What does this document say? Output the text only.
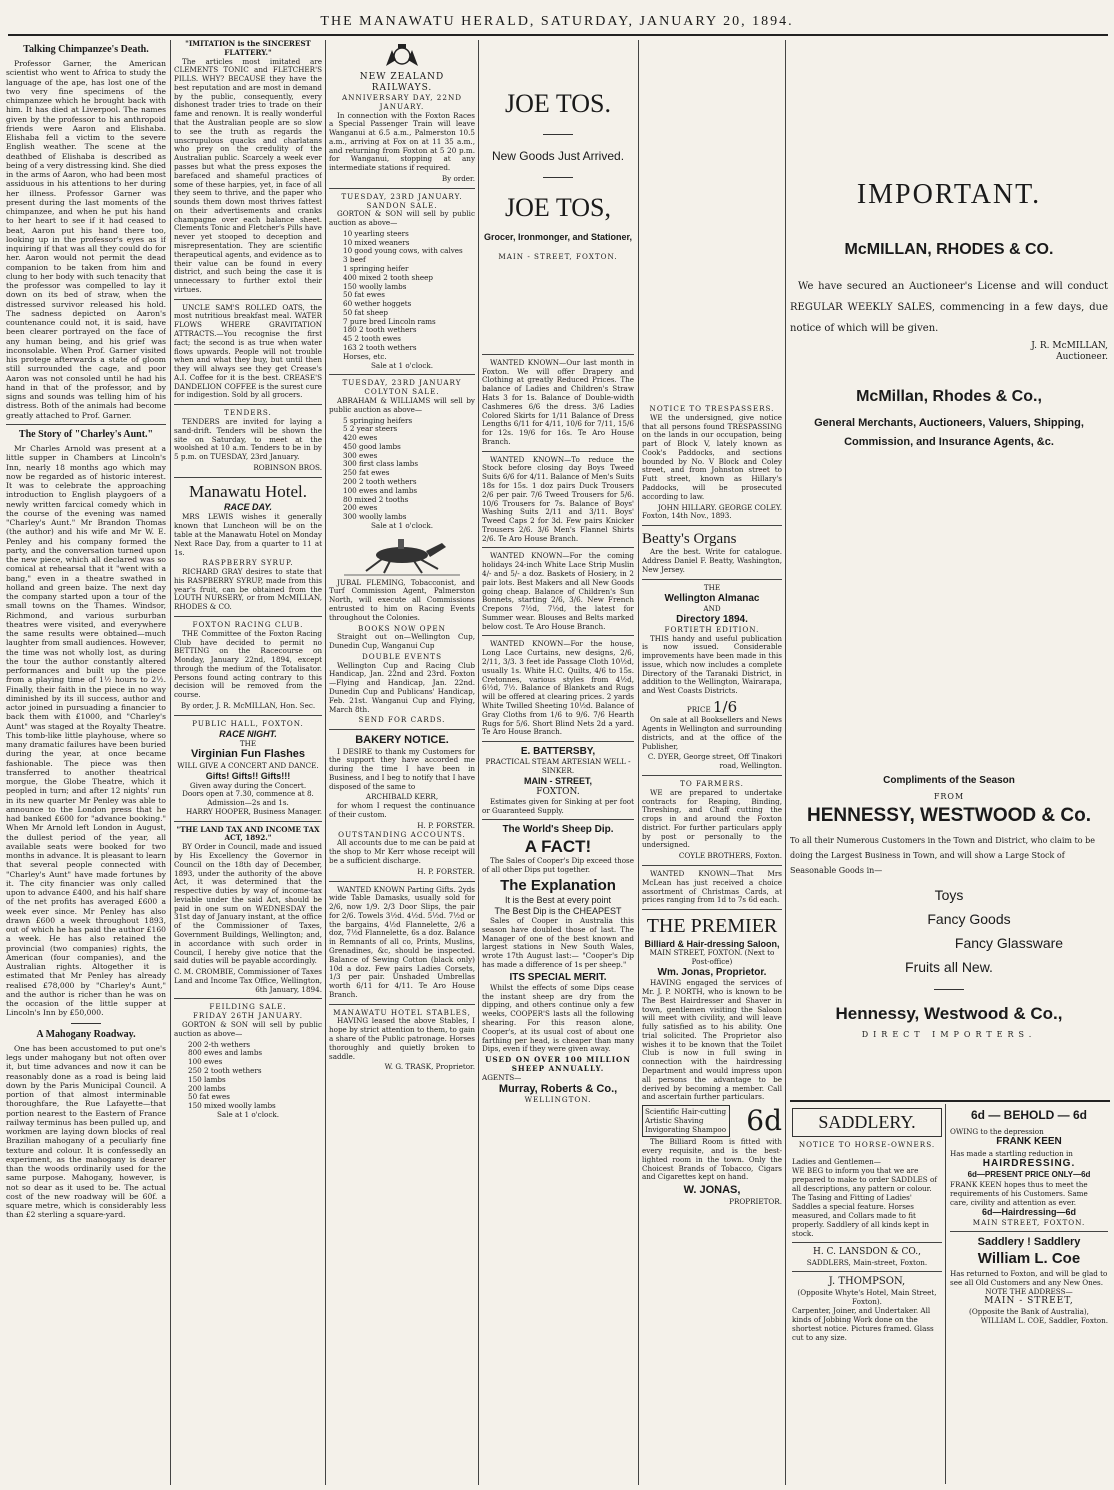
THE MANAWATU HERALD, SATURDAY, JANUARY 20, 1894.
Talking Chimpanzee's Death.

Professor Garner, the American scientist who went to Africa to study the language of the ape, has lost one of the two very fine specimens of the chimpanzee which he brought back with him. It has died at Liverpool. The names given by the professor to his anthropoid friends were Aaron and Elishaba. Elishaba fell a victim to the severe English weather. The scene at the deathbed of Elishaba is described as being of a very distressing kind. She died in the arms of Aaron, who had been most assiduous in his attentions to her during her illness. Professor Garner was present during the last moments of the chimpanzee, and when he put his hand to her heart to see if it had ceased to beat, Aaron put his hand there too, looking up in the professor's eyes as if inquiring if that was all they could do for her. Aaron would not permit the dead companion to be taken from him and clung to her body with such tenacity that the professor was compelled to lay it down on its bed of straw, when the distressed survivor released his hold. The sadness depicted on Aaron's countenance could not, it is said, have been clearer portrayed on the face of any human being, and his grief was inconsolable. When Prof. Garner visited his protege afterwards a state of gloom still surrounded the cage, and poor Aaron was not consoled until he had his hand in that of the professor, and by signs and sounds was telling him of his distress. Both of the animals had become greatly attached to Prof. Garner.

The Story of "Charley's Aunt."

Mr Charles Arnold was present at a little supper in Chambers at Lincoln's Inn, nearly 18 months ago which may now be regarded as of historic interest. It was to celebrate the approaching introduction to English playgoers of a newly written farcical comedy which in the course of the evening was named "Charley's Aunt." Mr Brandon Thomas (the author) and his wife and Mr W. E. Penley and his company formed the party, and the conversation turned upon the new piece, which all declared was so comical at rehearsal that it "went with a bang," even in a theatre swathed in holland and green baize. The next day the company started upon a tour of the small towns on the Thames. Windsor, Richmond, and various surburban theatres were visited, and everywhere the same results were obtained—much laughter from small audiences. However, the time was not wholly lost, as during the tour the author constantly altered performances and built up the piece from a playing time of 1½ hours to 2½. Finally, their faith in the piece in no way diminished by its ill success, author and actor joined in pursuading a financier to back them with £1000, and "Charley's Aunt" was staged at the Royalty Theatre. This tomb-like little playhouse, where so many dramatic failures have been buried during the year, at once became fashionable. The piece was then transferred to another theatrical morgue, the Globe Theatre, which it peopled in turn; and after 12 nights' run in its new quarter Mr Penley was able to announce to the London press that he had banked £600 for "advance booking." When Mr Arnold left London in August, the dullest period of the year, all available seats were booked for two months in advance. It is pleasant to learn that several people connected with "Charley's Aunt" have made fortunes by it. The city financier was only called upon to advance £400, and his half share of the net profits has averaged £600 a week ever since. Mr Penley has also drawn £600 a week throughout 1893, out of which he has paid the author £160 a week. He has also retained the provincial (two companies) rights, the American (four companies), and the Australian rights. Altogether it is estimated that Mr Penley has already realised £78,000 by "Charley's Aunt," and the author is richer than he was on the occasion of the little supper at Lincoln's Inn by £50,000.

A Mahogany Roadway.

One has been accustomed to put one's legs under mahogany but not often over it, but time advances and now it can be reasonably done as a road is being laid down by the Paris Municipal Council. A portion of that almost interminable thoroughfare, the Rue Lafayette—that portion nearest to the Eastern of France railway terminus has been pulled up, and workmen are laying down blocks of real Brazilian mahogany of a peculiarly fine texture and colour. It is confessedly an experiment, as the mahogany is dearer than the woods ordinarily used for the same purpose. Mahogany, however, is not so dear as it used to be. The actual cost of the new roadway will be 60f. a square metre, which is considerably less than £2 sterling a square-yard.

"IMITATION is the SINCEREST FLATTERY."

The articles most imitated are CLEMENTS TONIC and FLETCHER'S PILLS. WHY? BECAUSE they have the best reputation and are most in demand by the public, consequently, every dishonest trader tries to trade on their fame and renown. It is really wonderful that the Australian people are so slow to see the truth as regards the unscrupulous quacks and charlatans who prey on the credulity of the Australian public. Scarcely a week ever passes but what the press exposes the barefaced and shameful practices of some of these harpies, yet, in face of all they seem to thrive, and the paper who sounds them down most thrives fattest on their advertisements and cranks champagne over each balance sheet. Clements Tonic and Fletcher's Pills have never yet stooped to deception and misrepresentation. They are scientific therapeutical agents, and evidence as to their value can be found in every district, and such being the case it is unnecessary to further extol their virtues.

UNCLE SAM'S ROLLED OATS, the most nutritious breakfast meal. WATER FLOWS WHERE GRAVITATION ATTRACTS.—You recognise the first fact; the second is as true when water flows upwards. People will not trouble when and what they buy, but until then they will always see they get Crease's A.I. Coffee for it is the best. CREASE'S DANDELION COFFEE is the surest cure for indigestion. Sold by all grocers.

TENDERS.

TENDERS are invited for laying a sand-drift. Tenders will be shown the site on Saturday, to meet at the woolshed at 10 a.m. Tenders to be in by 5 p.m. on TUESDAY, 23rd January.

ROBINSON BROS.
Manawatu Hotel.
RACE DAY.

MRS LEWIS wishes it generally known that Luncheon will be on the table at the Manawatu Hotel on Monday Next Race Day, from a quarter to 11 at 1s.

RASPBERRY SYRUP.

RICHARD GRAY desires to state that his RASPBERRY SYRUP, made from this year's fruit, can be obtained from the LOUTH NURSERY, or from McMILLAN, RHODES & CO.

FOXTON RACING CLUB.

THE Committee of the Foxton Racing Club have decided to permit no BETTING on the Racecourse on Monday, January 22nd, 1894, except through the medium of the Totalisator. Persons found acting contrary to this decision will be removed from the course.

By order, J. R. McMILLAN, Hon. Sec.
PUBLIC HALL, FOXTON.
RACE NIGHT.
THE
Virginian Fun Flashes
WILL GIVE A CONCERT AND DANCE.
Gifts! Gifts!! Gifts!!!
Given away during the Concert.
Doors open at 7.30, commence at 8.
Admission—2s and 1s.
HARRY HOOPER, Business Manager.
"THE LAND TAX AND INCOME TAX ACT, 1892."

BY Order in Council, made and issued by His Excellency the Governor in Council on the 18th day of December, 1893, under the authority of the above Act, it was determined that the respective duties by way of income-tax leviable under the said Act, should be paid in one sum on WEDNESDAY the 31st day of January instant, at the office of the Commissioner of Taxes, Government Buildings, Wellington; and, in accordance with such order in Council, I hereby give notice that the said duties will be payable accordingly.

C. M. CROMBIE, Commissioner of Taxes Land and Income Tax Office, Wellington, 6th January, 1894.
FEILDING SALE.
FRIDAY 26TH JANUARY.

GORTON & SON will sell by public auction as above—

200 2-th wethers
800 ewes and lambs
100 ewes
250 2 tooth wethers
150 lambs
200 lambs
50 fat ewes
150 mixed woolly lambs
Sale at 1 o'clock.
NEW ZEALAND RAILWAYS.
ANNIVERSARY DAY, 22ND JANUARY.

In connection with the Foxton Races a Special Passenger Train will leave Wanganui at 6.5 a.m., Palmerston 10.5 a.m., arriving at Fox on at 11 35 a.m., and returning from Foxton at 5 20 p.m. for Wanganui, stopping at any intermediate stations if required.

By order.
TUESDAY, 23RD JANUARY.
SANDON SALE.

GORTON & SON will sell by public auction as above—

10 yearling steers
10 mixed weaners
10 good young cows, with calves
3 beef
1 springing heifer
400 mixed 2 tooth sheep
150 woolly lambs
50 fat ewes
60 wether hoggets
50 fat sheep
7 pure bred Lincoln rams
180 2 tooth wethers
45 2 tooth ewes
163 2 tooth wethers
Horses, etc.
Sale at 1 o'clock.
TUESDAY, 23RD JANUARY
COLYTON SALE.

ABRAHAM & WILLIAMS will sell by public auction as above—

5 springing heifers
5 2 year steers
420 ewes
450 good lambs
300 ewes
300 first class lambs
250 fat ewes
200 2 tooth wethers
100 ewes and lambs
80 mixed 2 tooths
200 ewes
300 woolly lambs
Sale at 1 o'clock.

JUBAL FLEMING, Tobacconist, and Turf Commission Agent, Palmerston North, will execute all Commissions entrusted to him on Racing Events throughout the Colonies.

BOOKS NOW OPEN

Straight out on—Wellington Cup, Dunedin Cup, Wanganui Cup

DOUBLE EVENTS

Wellington Cup and Racing Club Handicap, Jan. 22nd and 23rd. Foxton—Flying and Handicap, Jan. 22nd. Dunedin Cup and Publicans' Handicap, Feb. 21st. Wanganui Cup and Flying, March 8th.

SEND FOR CARDS.
BAKERY NOTICE.

I DESIRE to thank my Customers for the support they have accorded me during the time I have been in Business, and I beg to notify that I have disposed of the same to

ARCHIBALD KERR,

for whom I request the continuance of their custom.

H. P. FORSTER.
OUTSTANDING ACCOUNTS.

All accounts due to me can be paid at the shop to Mr Kerr whose receipt will be a sufficient discharge.

H. P. FORSTER.

WANTED KNOWN Parting Gifts. 2yds wide Table Damasks, usually sold for 2/6, now 1/9. 2/3 Door Slips, the pair for 2/6. Towels 3½d. 4½d. 5½d. 7½d or the bargains, 4½d Flannelette, 2/6 a doz, 7½d Flannelette, 6s a doz. Balance in Remnants of all co, Prints, Muslins, Grenadines, &c, should be inspected. Balance of Sewing Cotton (black only) 10d a doz. Few pairs Ladies Corsets, 1/3 per pair. Unshaded Umbrellas worth 6/11 for 4/11. Te Aro House Branch.

MANAWATU HOTEL STABLES,

HAVING leased the above Stables, I hope by strict attention to them, to gain a share of the Public patronage. Horses thoroughly and quietly broken to saddle.

W. G. TRASK, Proprietor.
JOE TOS.
New Goods Just Arrived.
JOE TOS,
Grocer, Ironmonger, and Stationer,
MAIN - STREET, FOXTON.

WANTED KNOWN—Our last month in Foxton. We will offer Drapery and Clothing at greatly Reduced Prices. The balance of Ladies and Children's Straw Hats 3 for 1s. Balance of Double-width Cashmeres 6/6 the dress. 3/6 Ladies Colored Skirts for 1/11 Balance of Dress Lengths 6/11 for 4/11, 10/6 for 7/11, 15/6 for 12s. 19/6 for 16s. Te Aro House Branch.

WANTED KNOWN—To reduce the Stock before closing day Boys Tweed Suits 6/6 for 4/11. Balance of Men's Suits 18s for 15s. 1 doz pairs Duck Trousers 2/6 per pair. 7/6 Tweed Trousers for 5/6. 10/6 Trousers for 7s. Balance of Boys' Washing Suits 2/11 and 3/11. Boys' Tweed Caps 2 for 3d. Few pairs Knicker Trousers 2/6. 3/6 Men's Flannel Shirts 2/6. Te Aro House Branch.

WANTED KNOWN—For the coming holidays 24-inch White Lace Strip Muslin 4/- and 5/- a doz. Baskets of Hosiery, in 2 pair lots. Best Makers and all New Goods going cheap. Balance of Children's Sun Bonnets, starting 2/6, 3/6. New French Crepons 7½d, 7½d, the latest for Summer wear. Blouses and Belts marked below cost. Te Aro House Branch.

WANTED KNOWN—For the house, Long Lace Curtains, new designs, 2/6, 2/11, 3/3. 3 feet ide Passage Cloth 10½d, usually 1s. White H.C. Quilts, 4/6 to 15s. Cretonnes, various styles from 4½d, 6½d, 7½. Balance of Blankets and Rugs will be offered at clearing prices. 2 yards White Twilled Sheeting 10½d. Balance of Gray Cloths from 1/6 to 9/6. 7/6 Hearth Rugs for 5/6. Short Blind Nets 2d a yard. Te Aro House Branch.

E. BATTERSBY,
PRACTICAL STEAM ARTESIAN WELL - SINKER.
MAIN - STREET,
FOXTON.

Estimates given for Sinking at per foot or Guaranteed Supply.

The World's Sheep Dip.
A FACT!

The Sales of Cooper's Dip exceed those of all other Dips put together.

The Explanation
It is the Best at every point
The Best Dip is the CHEAPEST

Sales of Cooper in Australia this season have doubled those of last. The Manager of one of the best known and largest stations in New South Wales, wrote 17th August last:— "Cooper's Dip has made a difference of 1s per sheep."

ITS SPECIAL MERIT.

Whilst the effects of some Dips cease the instant sheep are dry from the dipping, and others continue only a few weeks, COOPER'S lasts all the following shearing. For this reason alone, Cooper's, at its usual cost of about one farthing per head, is cheaper than many Dips, even if they were given away.

USED ON OVER 100 MILLION SHEEP ANNUALLY.
AGENTS—
Murray, Roberts & Co.,
WELLINGTON.
NOTICE TO TRESPASSERS.

WE the undersigned, give notice that all persons found TRESPASSING on the lands in our occupation, being part of Block V, lately known as Cook's Paddocks, and sections bounded by No. V Block and Coley street, and from Johnston street to Futt street, known as Hillary's Paddocks, will be prosecuted according to law.

JOHN HILLARY. GEORGE COLEY.
Foxton, 14th Nov., 1893.
Beatty's Organs

Are the best. Write for catalogue. Address Daniel F. Beatty, Washington, New Jersey.

THE
Wellington Almanac
AND
Directory 1894.
FORTIETH EDITION.

THIS handy and useful publication is now issued. Considerable improvements have been made in this issue, which now includes a complete Directory of the Taranaki District, in addition to the Wellington, Wairarapa, and West Coasts Districts.

PRICE 1/6

On sale at all Booksellers and News Agents in Wellington and surrounding districts, and at the office of the Publisher,

C. DYER, George street, Off Tinakori road, Wellington.
TO FARMERS.

WE are prepared to undertake contracts for Reaping, Binding, Threshing, and Chaff cutting the crops in and around the Foxton district. For further particulars apply by post or personally to the undersigned.

COYLE BROTHERS, Foxton.

WANTED KNOWN—That Mrs McLean has just received a choice assortment of Christmas Cards, at prices ranging from 1d to 7s 6d each.

THE PREMIER
Billiard & Hair-dressing Saloon,
MAIN STREET, FOXTON. (Next to Post-office)
Wm. Jonas, Proprietor.

HAVING engaged the services of Mr. J. P. NORTH, who is known to be The Best Hairdresser and Shaver in town, gentlemen visiting the Saloon will meet with civility, and will leave fully satisfied as to his ability. One trial solicited. The Proprietor also wishes it to be known that the Toilet Club is now in full swing in connection with the hairdressing Department and would impress upon all persons the advantage to be derived by becoming a member. Call and ascertain further particulars.

Scientific Hair-cutting Artistic Shaving Invigorating Shampoo 6d

The Billiard Room is fitted with every requisite, and is the best-lighted room in the town. Only the Choicest Brands of Tobacco, Cigars and Cigarettes kept on hand.

W. JONAS,
PROPRIETOR.
IMPORTANT.
McMILLAN, RHODES & CO.

We have secured an Auctioneer's License and will conduct REGULAR WEEKLY SALES, commencing in a few days, due notice of which will be given.

J. R. McMILLAN,
Auctioneer.
McMillan, Rhodes & Co.,
General Merchants, Auctioneers, Valuers, Shipping, Commission, and Insurance Agents, &c.
Compliments of the Season
FROM
HENNESSY, WESTWOOD & Co.

To all their Numerous Customers in the Town and District, who claim to be doing the Largest Business in Town, and will show a Large Stock of Seasonable Goods in—

Toys
Fancy Goods
Fancy Glassware
Fruits all New.
Hennessy, Westwood & Co.,
DIRECT IMPORTERS.
SADDLERY.
NOTICE TO HORSE-OWNERS.
Ladies and Gentlemen—

WE BEG to inform you that we are prepared to make to order SADDLES of all descriptions, any pattern or colour. The Tasing and Fitting of Ladies' Saddles a special feature. Horses measured, and Collars made to fit properly. Saddlery of all kinds kept in stock.

H. C. LANSDON & CO.,
SADDLERS, Main-street, Foxton.
J. THOMPSON,
(Opposite Whyte's Hotel, Main Street, Foxton).

Carpenter, Joiner, and Undertaker. All kinds of Jobbing Work done on the shortest notice. Pictures framed. Glass cut to any size.

6d — BEHOLD — 6d
OWING to the depression
FRANK KEEN
Has made a startling reduction in
HAIRDRESSING.
6d—PRESENT PRICE ONLY—6d

FRANK KEEN hopes thus to meet the requirements of his Customers. Same care, civility and attention as ever.

6d—Hairdressing—6d
MAIN STREET, FOXTON.
Saddlery ! Saddlery
William L. Coe

Has returned to Foxton, and will be glad to see all Old Customers and any New Ones.

NOTE THE ADDRESS—
MAIN - STREET,
(Opposite the Bank of Australia),
WILLIAM L. COE, Saddler, Foxton.
